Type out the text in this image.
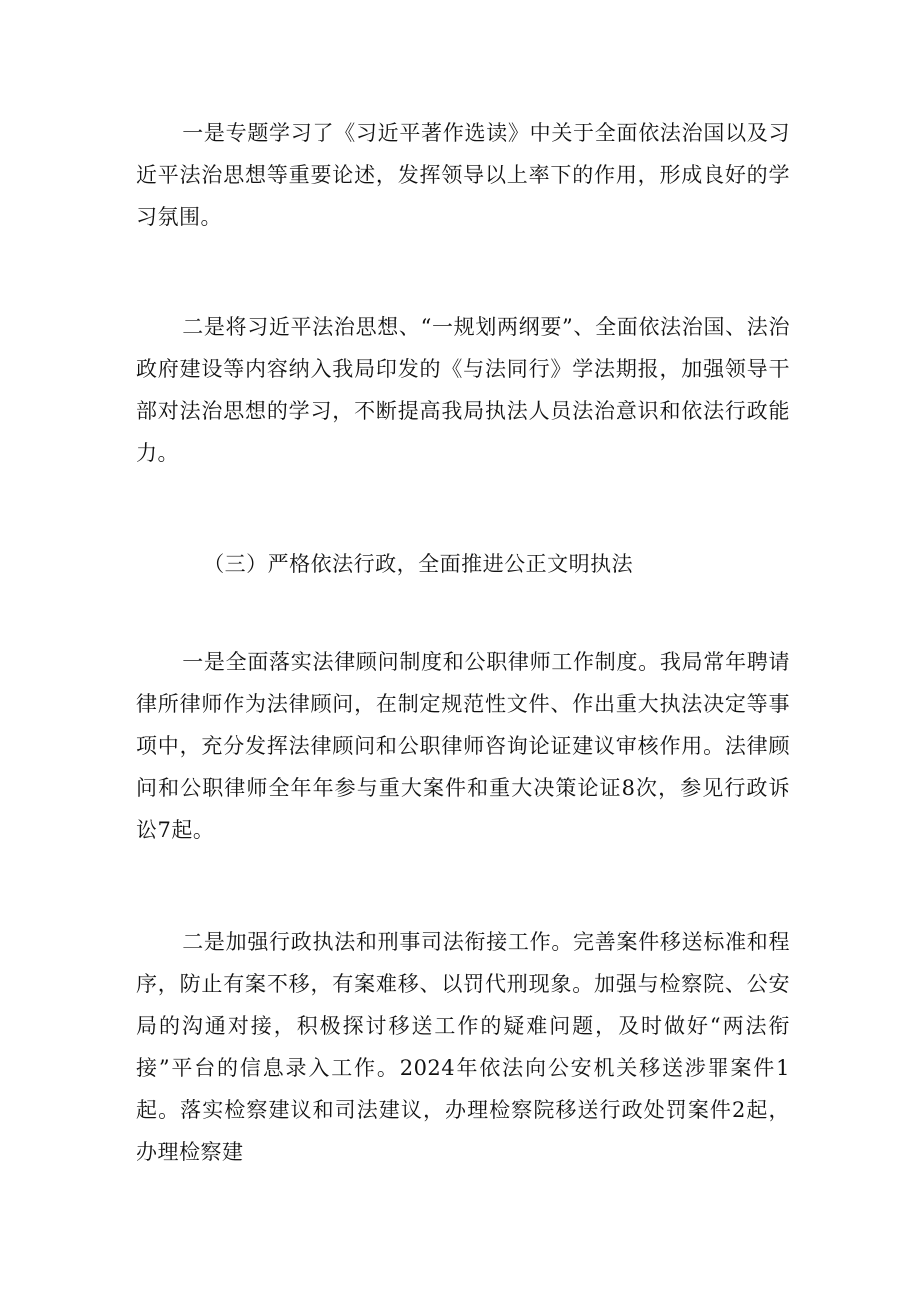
一是专题学习了《习近平著作选读》中关于全面依法治国以及习近平法治思想等重要论述，发挥领导以上率下的作用，形成良好的学习氛围。

二是将习近平法治思想、“一规划两纲要”、全面依法治国、法治政府建设等内容纳入我局印发的《与法同行》学法期报，加强领导干部对法治思想的学习，不断提高我局执法人员法治意识和依法行政能力。

（三）严格依法行政，全面推进公正文明执法

一是全面落实法律顾问制度和公职律师工作制度。我局常年聘请律所律师作为法律顾问，在制定规范性文件、作出重大执法决定等事项中，充分发挥法律顾问和公职律师咨询论证建议审核作用。法律顾问和公职律师全年年参与重大案件和重大决策论证8次，参见行政诉讼7起。

二是加强行政执法和刑事司法衔接工作。完善案件移送标准和程序，防止有案不移，有案难移、以罚代刑现象。加强与检察院、公安局的沟通对接，积极探讨移送工作的疑难问题，及时做好“两法衔接”平台的信息录入工作。2024年依法向公安机关移送涉罪案件1起。落实检察建议和司法建议，办理检察院移送行政处罚案件2起，办理检察建
